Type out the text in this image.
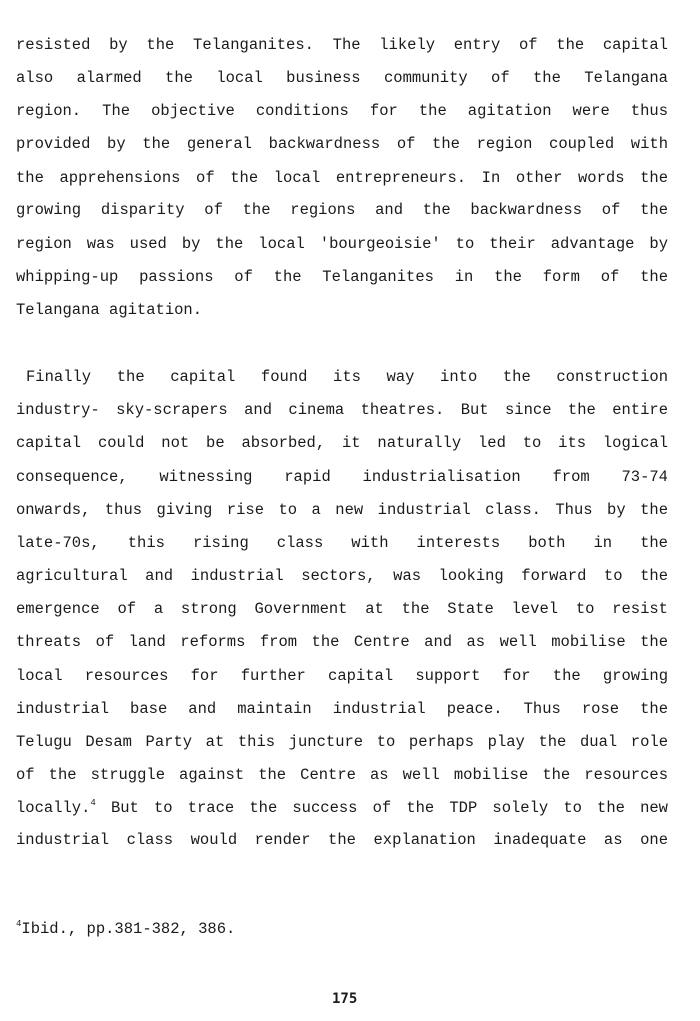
resisted by the Telanganites. The likely entry of the capital
also alarmed the local business community of the Telangana
region. The objective conditions for the agitation were thus
provided by the general backwardness of the region coupled with
the apprehensions of the local entrepreneurs. In other words the
growing disparity of the regions and the backwardness of the
region was used by the local 'bourgeoisie' to their advantage by
whipping-up passions of the Telanganites in the form of the
Telangana agitation.
Finally the capital found its way into the construction
industry- sky-scrapers and cinema theatres. But since the entire
capital could not be absorbed, it naturally led to its logical
consequence, witnessing rapid industrialisation from 73-74
onwards, thus giving rise to a new industrial class. Thus by the
late-70s, this rising class with interests both in the
agricultural and industrial sectors, was looking forward to the
emergence of a strong Government at the State level to resist
threats of land reforms from the Centre and as well mobilise the
local resources for further capital support for the growing
industrial base and maintain industrial peace. Thus rose the
Telugu Desam Party at this juncture to perhaps play the dual role
of the struggle against the Centre as well mobilise the resources
locally.$^4$ But to trace the success of the TDP solely to the new
industrial class would render the explanation inadequate as one
$^4$Ibid., pp.381-382, 386.
175
